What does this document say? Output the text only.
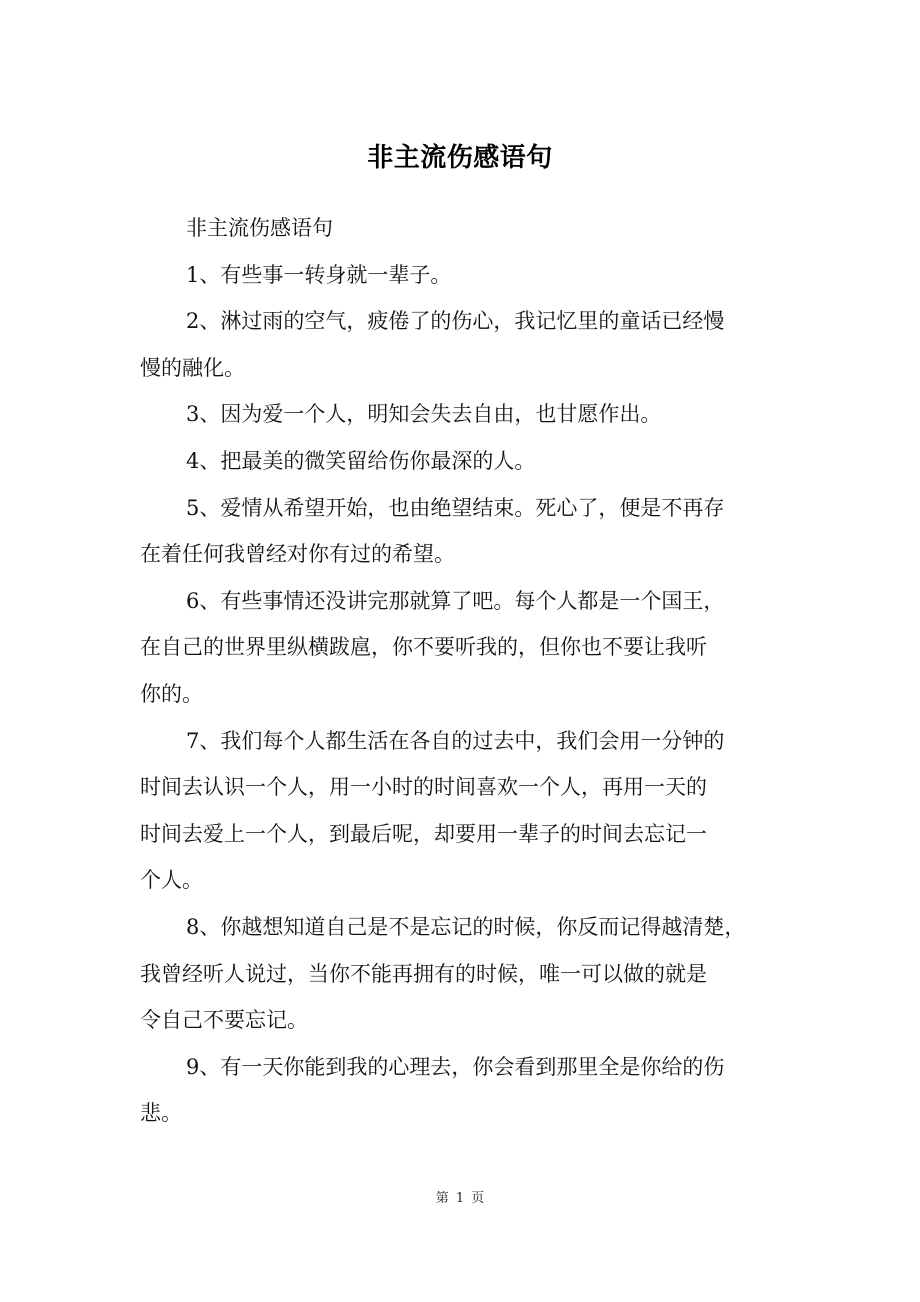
非主流伤感语句

非主流伤感语句

1、有些事一转身就一辈子。

2、淋过雨的空气，疲倦了的伤心，我记忆里的童话已经慢
慢的融化。

3、因为爱一个人，明知会失去自由，也甘愿作出。

4、把最美的微笑留给伤你最深的人。

5、爱情从希望开始，也由绝望结束。死心了，便是不再存
在着任何我曾经对你有过的希望。

6、有些事情还没讲完那就算了吧。每个人都是一个国王，
在自己的世界里纵横跋扈，你不要听我的，但你也不要让我听
你的。

7、我们每个人都生活在各自的过去中，我们会用一分钟的
时间去认识一个人，用一小时的时间喜欢一个人，再用一天的
时间去爱上一个人，到最后呢，却要用一辈子的时间去忘记一
个人。

8、你越想知道自己是不是忘记的时候，你反而记得越清楚，
我曾经听人说过，当你不能再拥有的时候，唯一可以做的就是
令自己不要忘记。

9、有一天你能到我的心理去，你会看到那里全是你给的伤
悲。

第 1 页
